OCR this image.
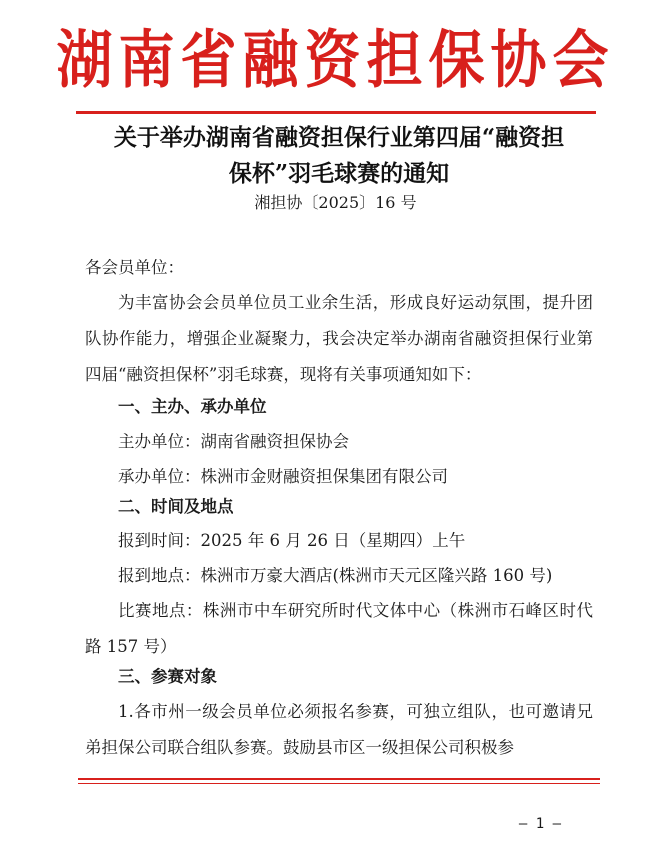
湖南省融资担保协会
关于举办湖南省融资担保行业第四届“融资担
保杯”羽毛球赛的通知
湘担协〔2025〕16 号
各会员单位：
为丰富协会会员单位员工业余生活，形成良好运动氛围，提升团队协作能力，增强企业凝聚力，我会决定举办湖南省融资担保行业第四届“融资担保杯”羽毛球赛，现将有关事项通知如下：
一、主办、承办单位
主办单位：湖南省融资担保协会
承办单位：株洲市金财融资担保集团有限公司
二、时间及地点
报到时间：2025 年 6 月 26 日（星期四）上午
报到地点：株洲市万豪大酒店(株洲市天元区隆兴路 160 号)
比赛地点：株洲市中车研究所时代文体中心（株洲市石峰区时代路 157 号）
三、参赛对象
1.各市州一级会员单位必须报名参赛，可独立组队，也可邀请兄弟担保公司联合组队参赛。鼓励县市区一级担保公司积极参
— 1 —
